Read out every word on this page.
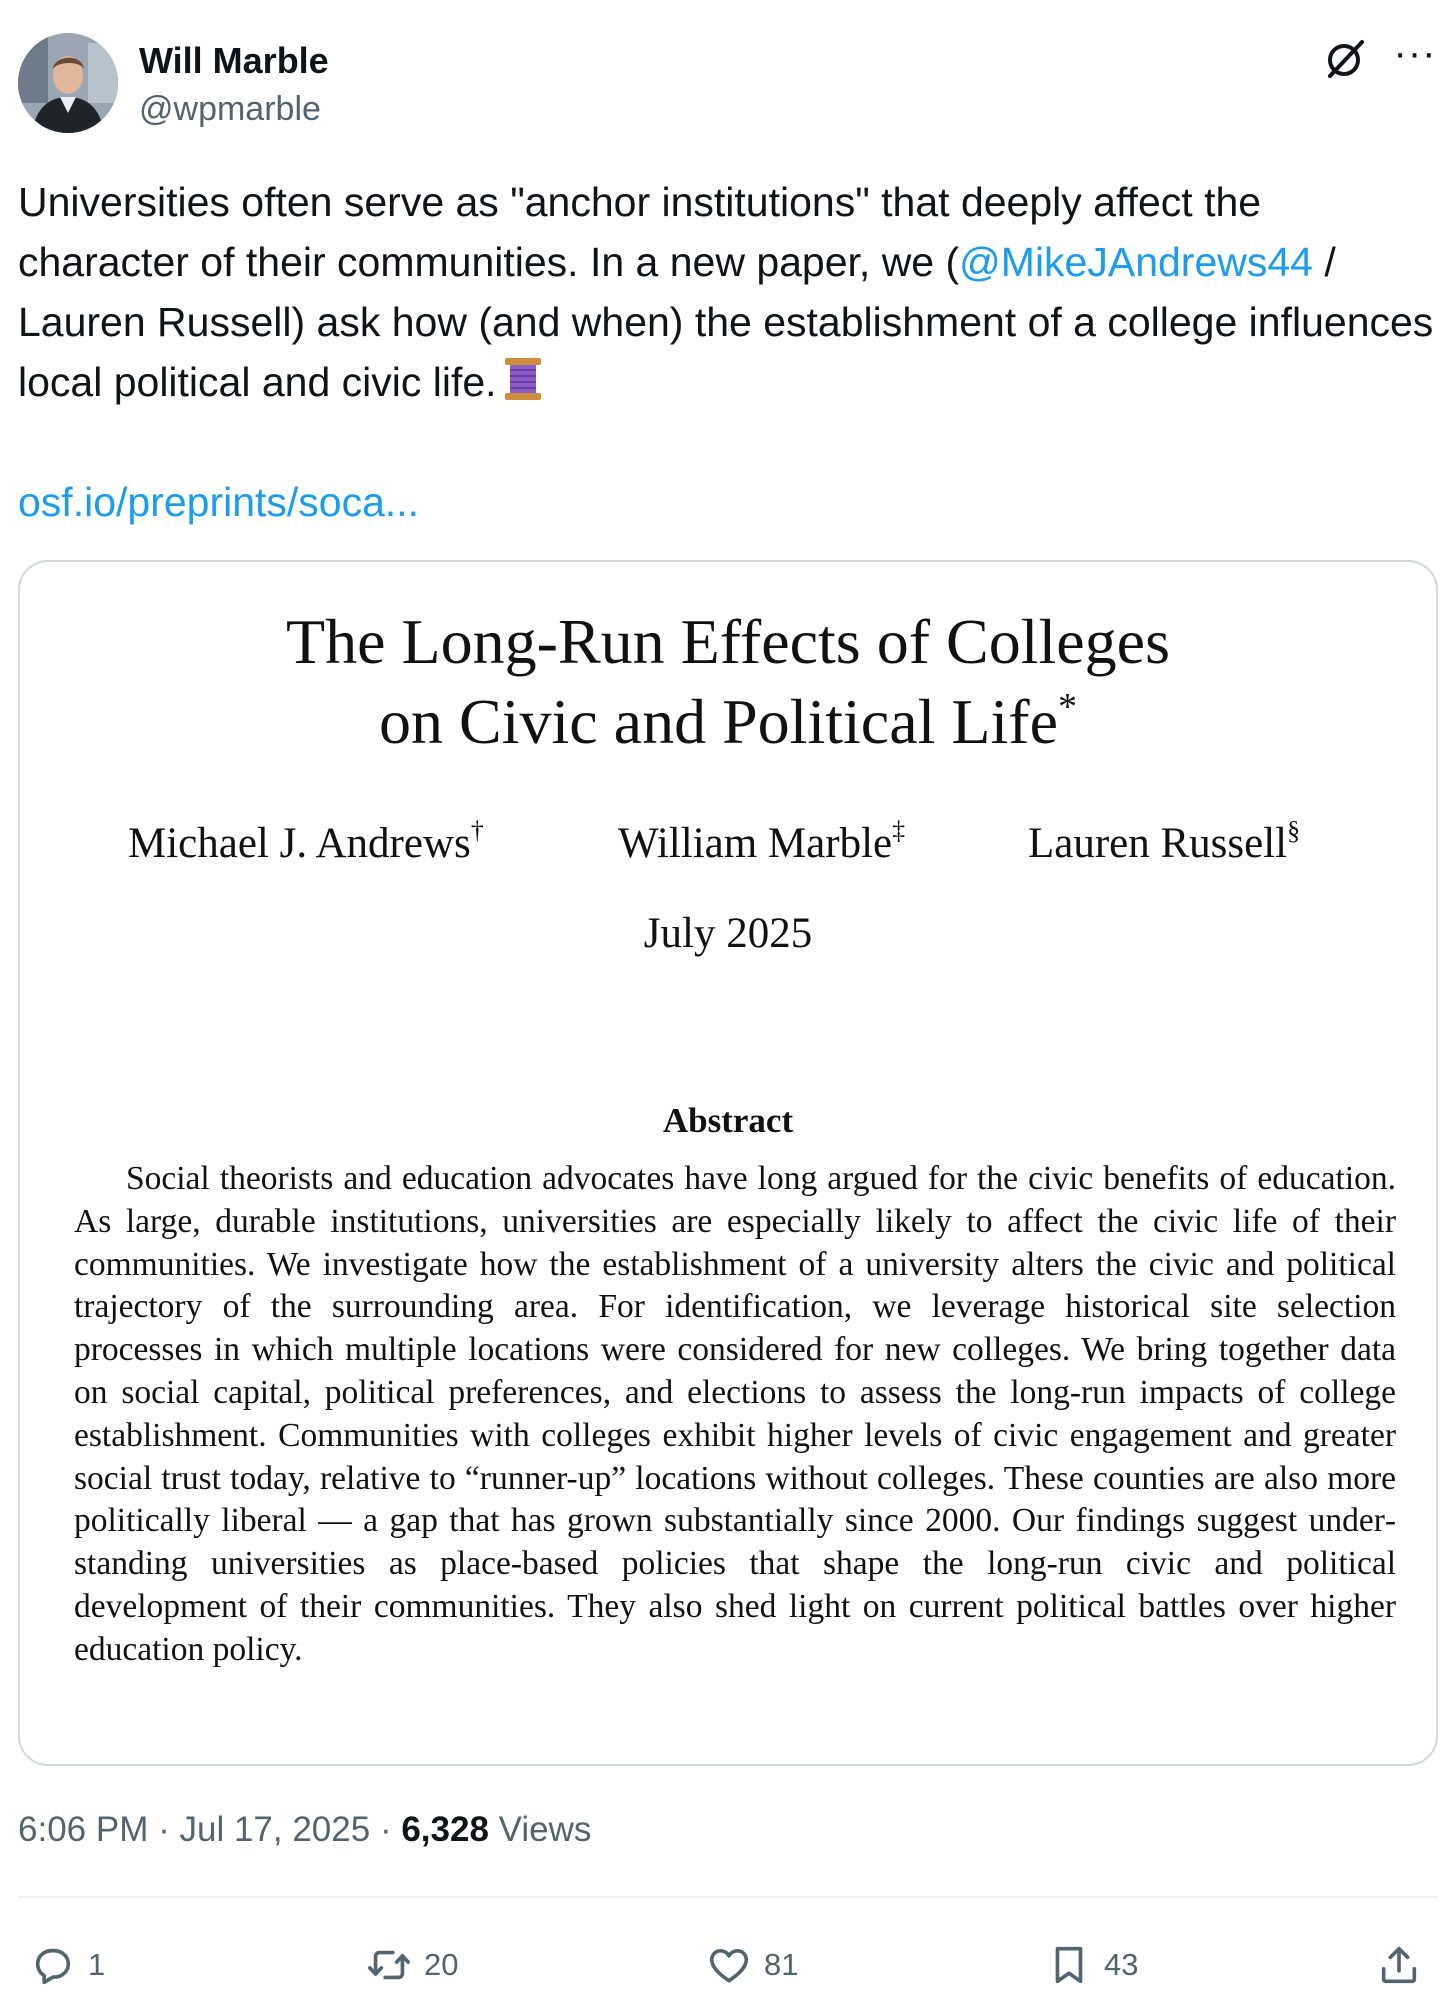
Will Marble
@wpmarble
···
Universities often serve as "anchor institutions" that deeply affect the character of their communities. In a new paper, we (@MikeJAndrews44 / Lauren Russell) ask how (and when) the establishment of a college influences local political and civic life.
osf.io/preprints/soca...
The Long-Run Effects of Colleges
on Civic and Political Life*
Michael J. Andrews†	William Marble‡	Lauren Russell§
July 2025
Abstract
Social theorists and education advocates have long argued for the civic benefits of education. As large, durable institutions, universities are especially likely to affect the civic life of their communities. We investigate how the establishment of a university alters the civic and political trajectory of the surrounding area. For identification, we leverage historical site selection processes in which multiple locations were considered for new colleges. We bring together data on social capital, political preferences, and elections to assess the long-run impacts of college establishment. Communities with colleges exhibit higher levels of civic engagement and greater social trust today, relative to “runner-up” locations without colleges. These counties are also more politically liberal — a gap that has grown substantially since 2000. Our findings suggest understanding universities as place-based policies that shape the long-run civic and political development of their communities. They also shed light on current political battles over higher education policy.
6:06 PM · Jul 17, 2025 · 6,328 Views
1	20	81	43
